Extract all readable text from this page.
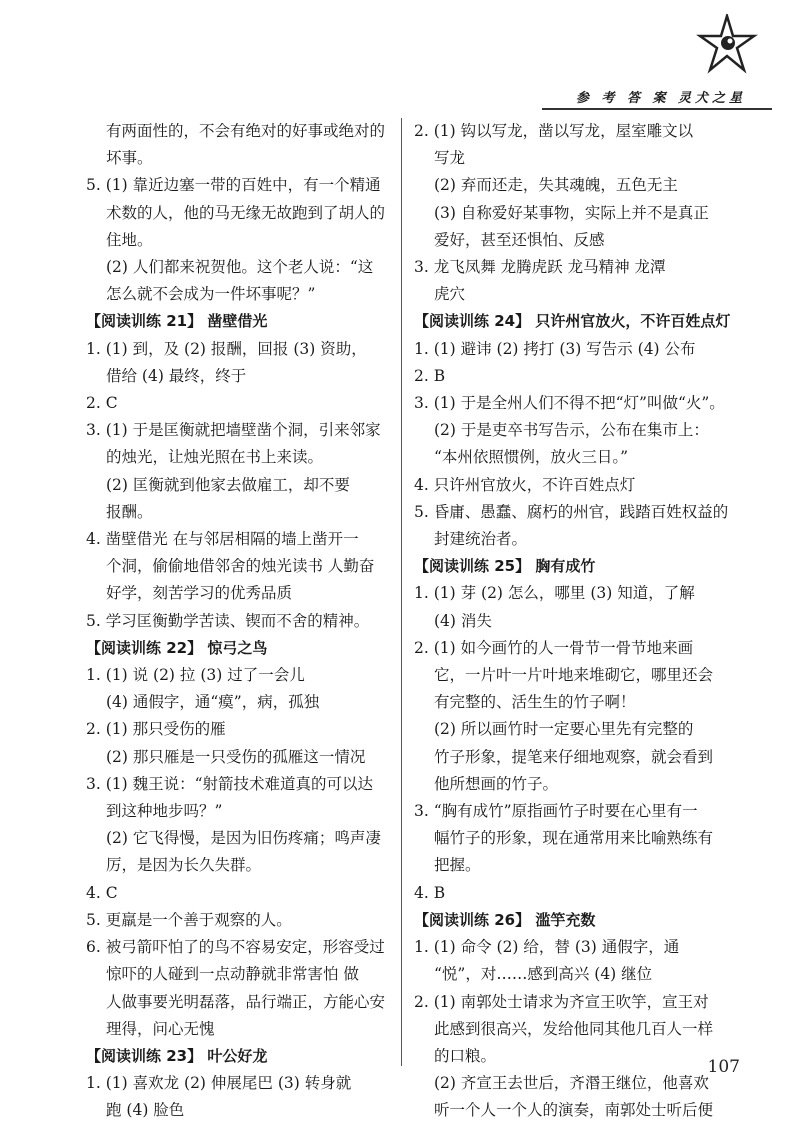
参 考 答 案 灵犬之星

有两面性的，不会有绝对的好事或绝对的

坏事。

5. (1) 靠近边塞一带的百姓中，有一个精通

术数的人，他的马无缘无故跑到了胡人的

住地。

(2) 人们都来祝贺他。这个老人说：“这

怎么就不会成为一件坏事呢？”

【阅读训练 21】 凿壁借光

1. (1) 到，及 (2) 报酬，回报 (3) 资助，

借给 (4) 最终，终于

2. C

3. (1) 于是匡衡就把墙壁凿个洞，引来邻家

的烛光，让烛光照在书上来读。

(2) 匡衡就到他家去做雇工，却不要

报酬。

4. 凿壁借光 在与邻居相隔的墙上凿开一

个洞，偷偷地借邻舍的烛光读书 人勤奋

好学，刻苦学习的优秀品质

5. 学习匡衡勤学苦读、锲而不舍的精神。

【阅读训练 22】 惊弓之鸟

1. (1) 说 (2) 拉 (3) 过了一会儿

(4) 通假字，通“瘼”，病，孤独

2. (1) 那只受伤的雁

(2) 那只雁是一只受伤的孤雁这一情况

3. (1) 魏王说：“射箭技术难道真的可以达

到这种地步吗？”

(2) 它飞得慢，是因为旧伤疼痛；鸣声凄

厉，是因为长久失群。

4. C

5. 更羸是一个善于观察的人。

6. 被弓箭吓怕了的鸟不容易安定，形容受过

惊吓的人碰到一点动静就非常害怕 做

人做事要光明磊落，品行端正，方能心安

理得，问心无愧

【阅读训练 23】 叶公好龙

1. (1) 喜欢龙 (2) 伸展尾巴 (3) 转身就

跑 (4) 脸色

2. (1) 钩以写龙，凿以写龙，屋室雕文以

写龙

(2) 弃而还走，失其魂魄，五色无主

(3) 自称爱好某事物，实际上并不是真正

爱好，甚至还惧怕、反感

3. 龙飞凤舞 龙腾虎跃 龙马精神 龙潭

虎穴

【阅读训练 24】 只许州官放火，不许百姓点灯

1. (1) 避讳 (2) 拷打 (3) 写告示 (4) 公布

2. B

3. (1) 于是全州人们不得不把“灯”叫做“火”。

(2) 于是吏卒书写告示，公布在集市上：

“本州依照惯例，放火三日。”

4. 只许州官放火，不许百姓点灯

5. 昏庸、愚蠢、腐朽的州官，践踏百姓权益的

封建统治者。

【阅读训练 25】 胸有成竹

1. (1) 芽 (2) 怎么，哪里 (3) 知道，了解

(4) 消失

2. (1) 如今画竹的人一骨节一骨节地来画

它，一片叶一片叶地来堆砌它，哪里还会

有完整的、活生生的竹子啊！

(2) 所以画竹时一定要心里先有完整的

竹子形象，提笔来仔细地观察，就会看到

他所想画的竹子。

3. “胸有成竹”原指画竹子时要在心里有一

幅竹子的形象，现在通常用来比喻熟练有

把握。

4. B

【阅读训练 26】 滥竽充数

1. (1) 命令 (2) 给，替 (3) 通假字，通

“悦”，对……感到高兴 (4) 继位

2. (1) 南郭处士请求为齐宣王吹竽，宣王对

此感到很高兴，发给他同其他几百人一样

的口粮。

(2) 齐宣王去世后，齐湣王继位，他喜欢

听一个人一个人的演奏，南郭处士听后便

107
